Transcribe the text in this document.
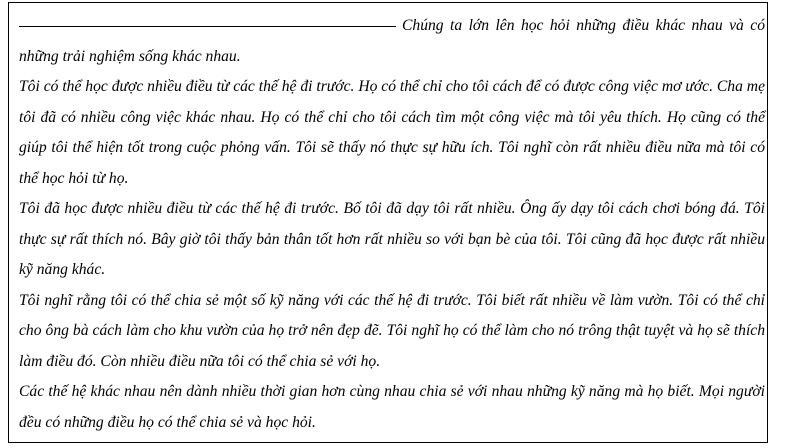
Chúng ta lớn lên học hỏi những điều khác nhau và có những trải nghiệm sống khác nhau.

Tôi có thể học được nhiều điều từ các thế hệ đi trước. Họ có thể chỉ cho tôi cách để có được công việc mơ ước. Cha mẹ tôi đã có nhiều công việc khác nhau. Họ có thể chỉ cho tôi cách tìm một công việc mà tôi yêu thích. Họ cũng có thể giúp tôi thể hiện tốt trong cuộc phỏng vấn. Tôi sẽ thấy nó thực sự hữu ích. Tôi nghĩ còn rất nhiều điều nữa mà tôi có thể học hỏi từ họ.

Tôi đã học được nhiều điều từ các thế hệ đi trước. Bố tôi đã dạy tôi rất nhiều. Ông ấy dạy tôi cách chơi bóng đá. Tôi thực sự rất thích nó. Bây giờ tôi thấy bản thân tốt hơn rất nhiều so với bạn bè của tôi. Tôi cũng đã học được rất nhiều kỹ năng khác.

Tôi nghĩ rằng tôi có thể chia sẻ một số kỹ năng với các thế hệ đi trước. Tôi biết rất nhiều về làm vườn. Tôi có thể chỉ cho ông bà cách làm cho khu vườn của họ trở nên đẹp đẽ. Tôi nghĩ họ có thể làm cho nó trông thật tuyệt và họ sẽ thích làm điều đó. Còn nhiều điều nữa tôi có thể chia sẻ với họ.

Các thế hệ khác nhau nên dành nhiều thời gian hơn cùng nhau chia sẻ với nhau những kỹ năng mà họ biết. Mọi người đều có những điều họ có thể chia sẻ và học hỏi.
